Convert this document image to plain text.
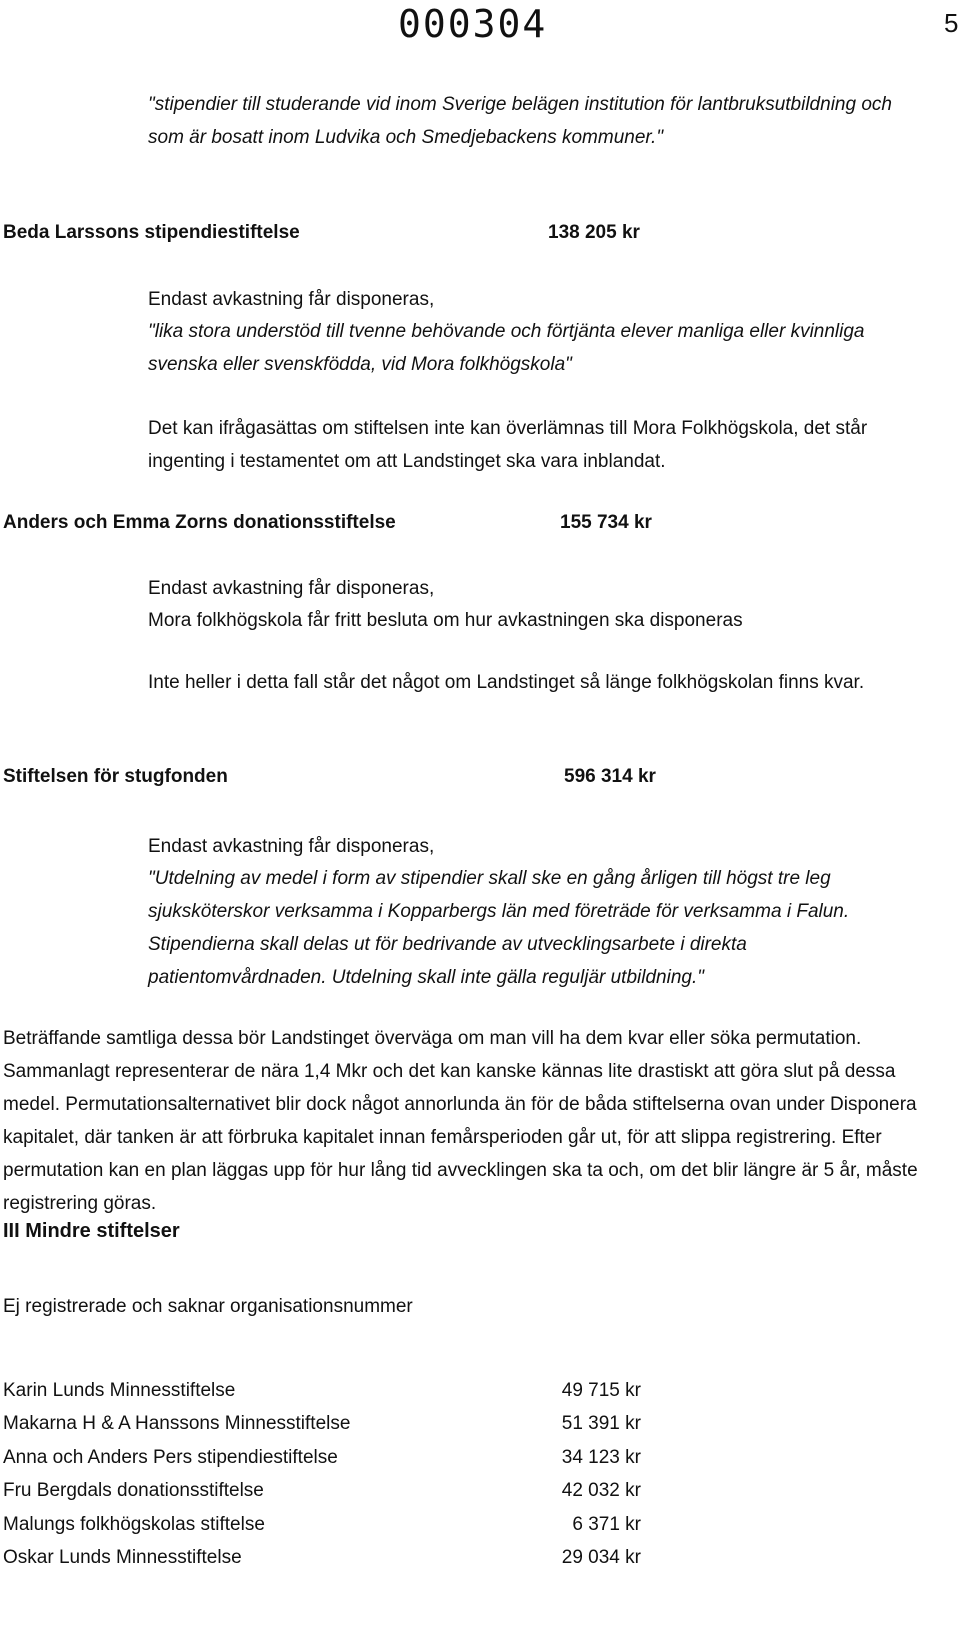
000304	5

"stipendier till studerande vid inom Sverige belägen institution för lantbruksutbildning och som är bosatt inom Ludvika och Smedjebackens kommuner."

Beda Larssons stipendiestiftelse	138 205 kr

Endast avkastning får disponeras,

"lika stora understöd till tvenne behövande och förtjänta elever manliga eller kvinnliga svenska eller svenskfödda, vid Mora folkhögskola"

Det kan ifrågasättas om stiftelsen inte kan överlämnas till Mora Folkhögskola, det står ingenting i testamentet om att Landstinget ska vara inblandat.

Anders och Emma Zorns donationsstiftelse	155 734 kr

Endast avkastning får disponeras,

Mora folkhögskola får fritt besluta om hur avkastningen ska disponeras

Inte heller i detta fall står det något om Landstinget så länge folkhögskolan finns kvar.

Stiftelsen för stugfonden	596 314 kr

Endast avkastning får disponeras,

"Utdelning av medel i form av stipendier skall ske en gång årligen till högst tre leg sjuksköterskor verksamma i Kopparbergs län med företräde för verksamma i Falun. Stipendierna skall delas ut för bedrivande av utvecklingsarbete i direkta patientomvårdnaden. Utdelning skall inte gälla reguljär utbildning."

Beträffande samtliga dessa bör Landstinget överväga om man vill ha dem kvar eller söka permutation. Sammanlagt representerar de nära 1,4 Mkr och det kan kanske kännas lite drastiskt att göra slut på dessa medel. Permutationsalternativet blir dock något annorlunda än för de båda stiftelserna ovan under Disponera kapitalet, där tanken är att förbruka kapitalet innan femårsperioden går ut, för att slippa registrering. Efter permutation kan en plan läggas upp för hur lång tid avvecklingen ska ta och, om det blir längre är 5 år, måste registrering göras.

III Mindre stiftelser
Ej registrerade och saknar organisationsnummer
Karin Lunds Minnesstiftelse	49 715 kr
Makarna H & A Hanssons Minnesstiftelse	51 391 kr
Anna och Anders Pers stipendiestiftelse	34 123 kr
Fru Bergdals donationsstiftelse	42 032 kr
Malungs folkhögskolas stiftelse	6 371 kr
Oskar Lunds Minnesstiftelse	29 034 kr
